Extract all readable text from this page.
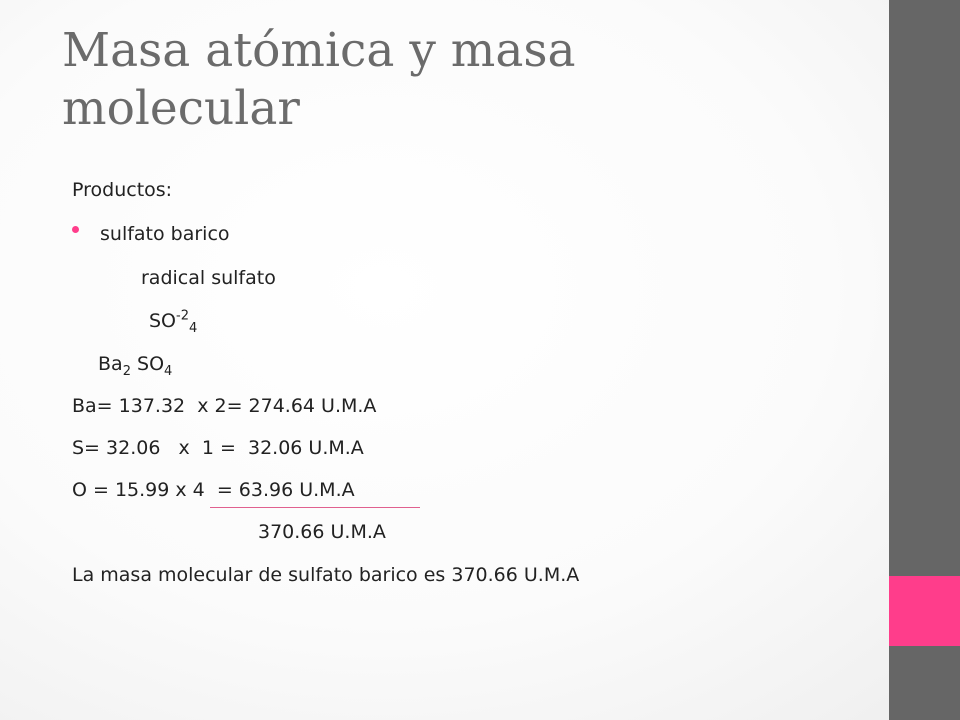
Masa atómica y masa
molecular
Productos:
sulfato barico
radical sulfato
$SO^{-2}_4$
$Ba_2$ $SO_4$
Ba= 137.32  x 2= 274.64 U.M.A
S= 32.06   x  1 =  32.06 U.M.A
O = 15.99 x 4  = 63.96 U.M.A
370.66 U.M.A
La masa molecular de sulfato barico es 370.66 U.M.A
